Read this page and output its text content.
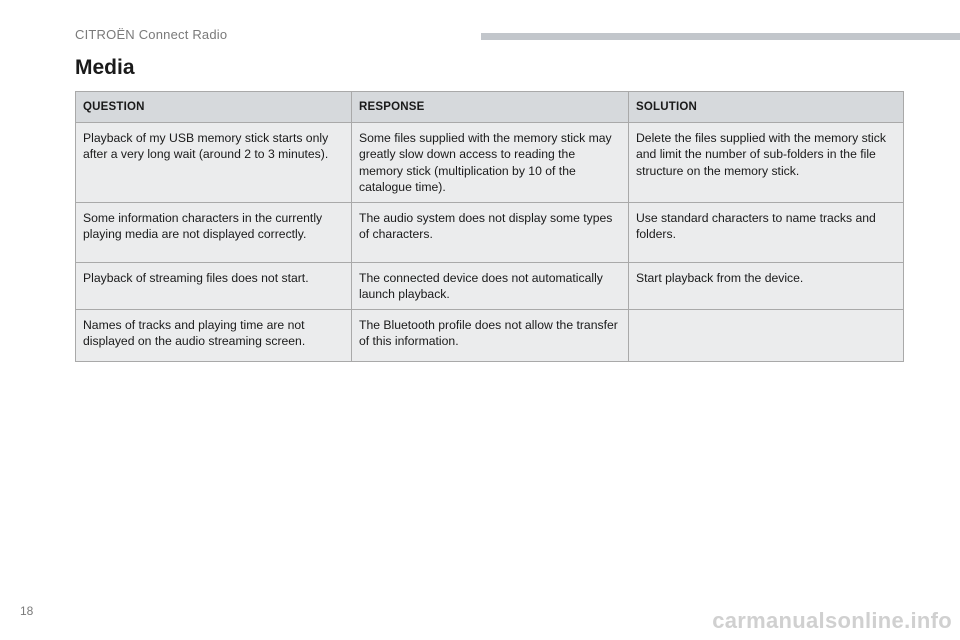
CITROËN Connect Radio
Media
QUESTION	RESPONSE	SOLUTION
Playback of my USB memory stick starts only after a very long wait (around 2 to 3 minutes).	Some files supplied with the memory stick may greatly slow down access to reading the memory stick (multiplication by 10 of the catalogue time).	Delete the files supplied with the memory stick and limit the number of sub-folders in the file structure on the memory stick.
Some information characters in the currently playing media are not displayed correctly.	The audio system does not display some types of characters.	Use standard characters to name tracks and folders.
Playback of streaming files does not start.	The connected device does not automatically launch playback.	Start playback from the device.
Names of tracks and playing time are not displayed on the audio streaming screen.	The Bluetooth profile does not allow the transfer of this information.	
18	carmanualsonline.info
